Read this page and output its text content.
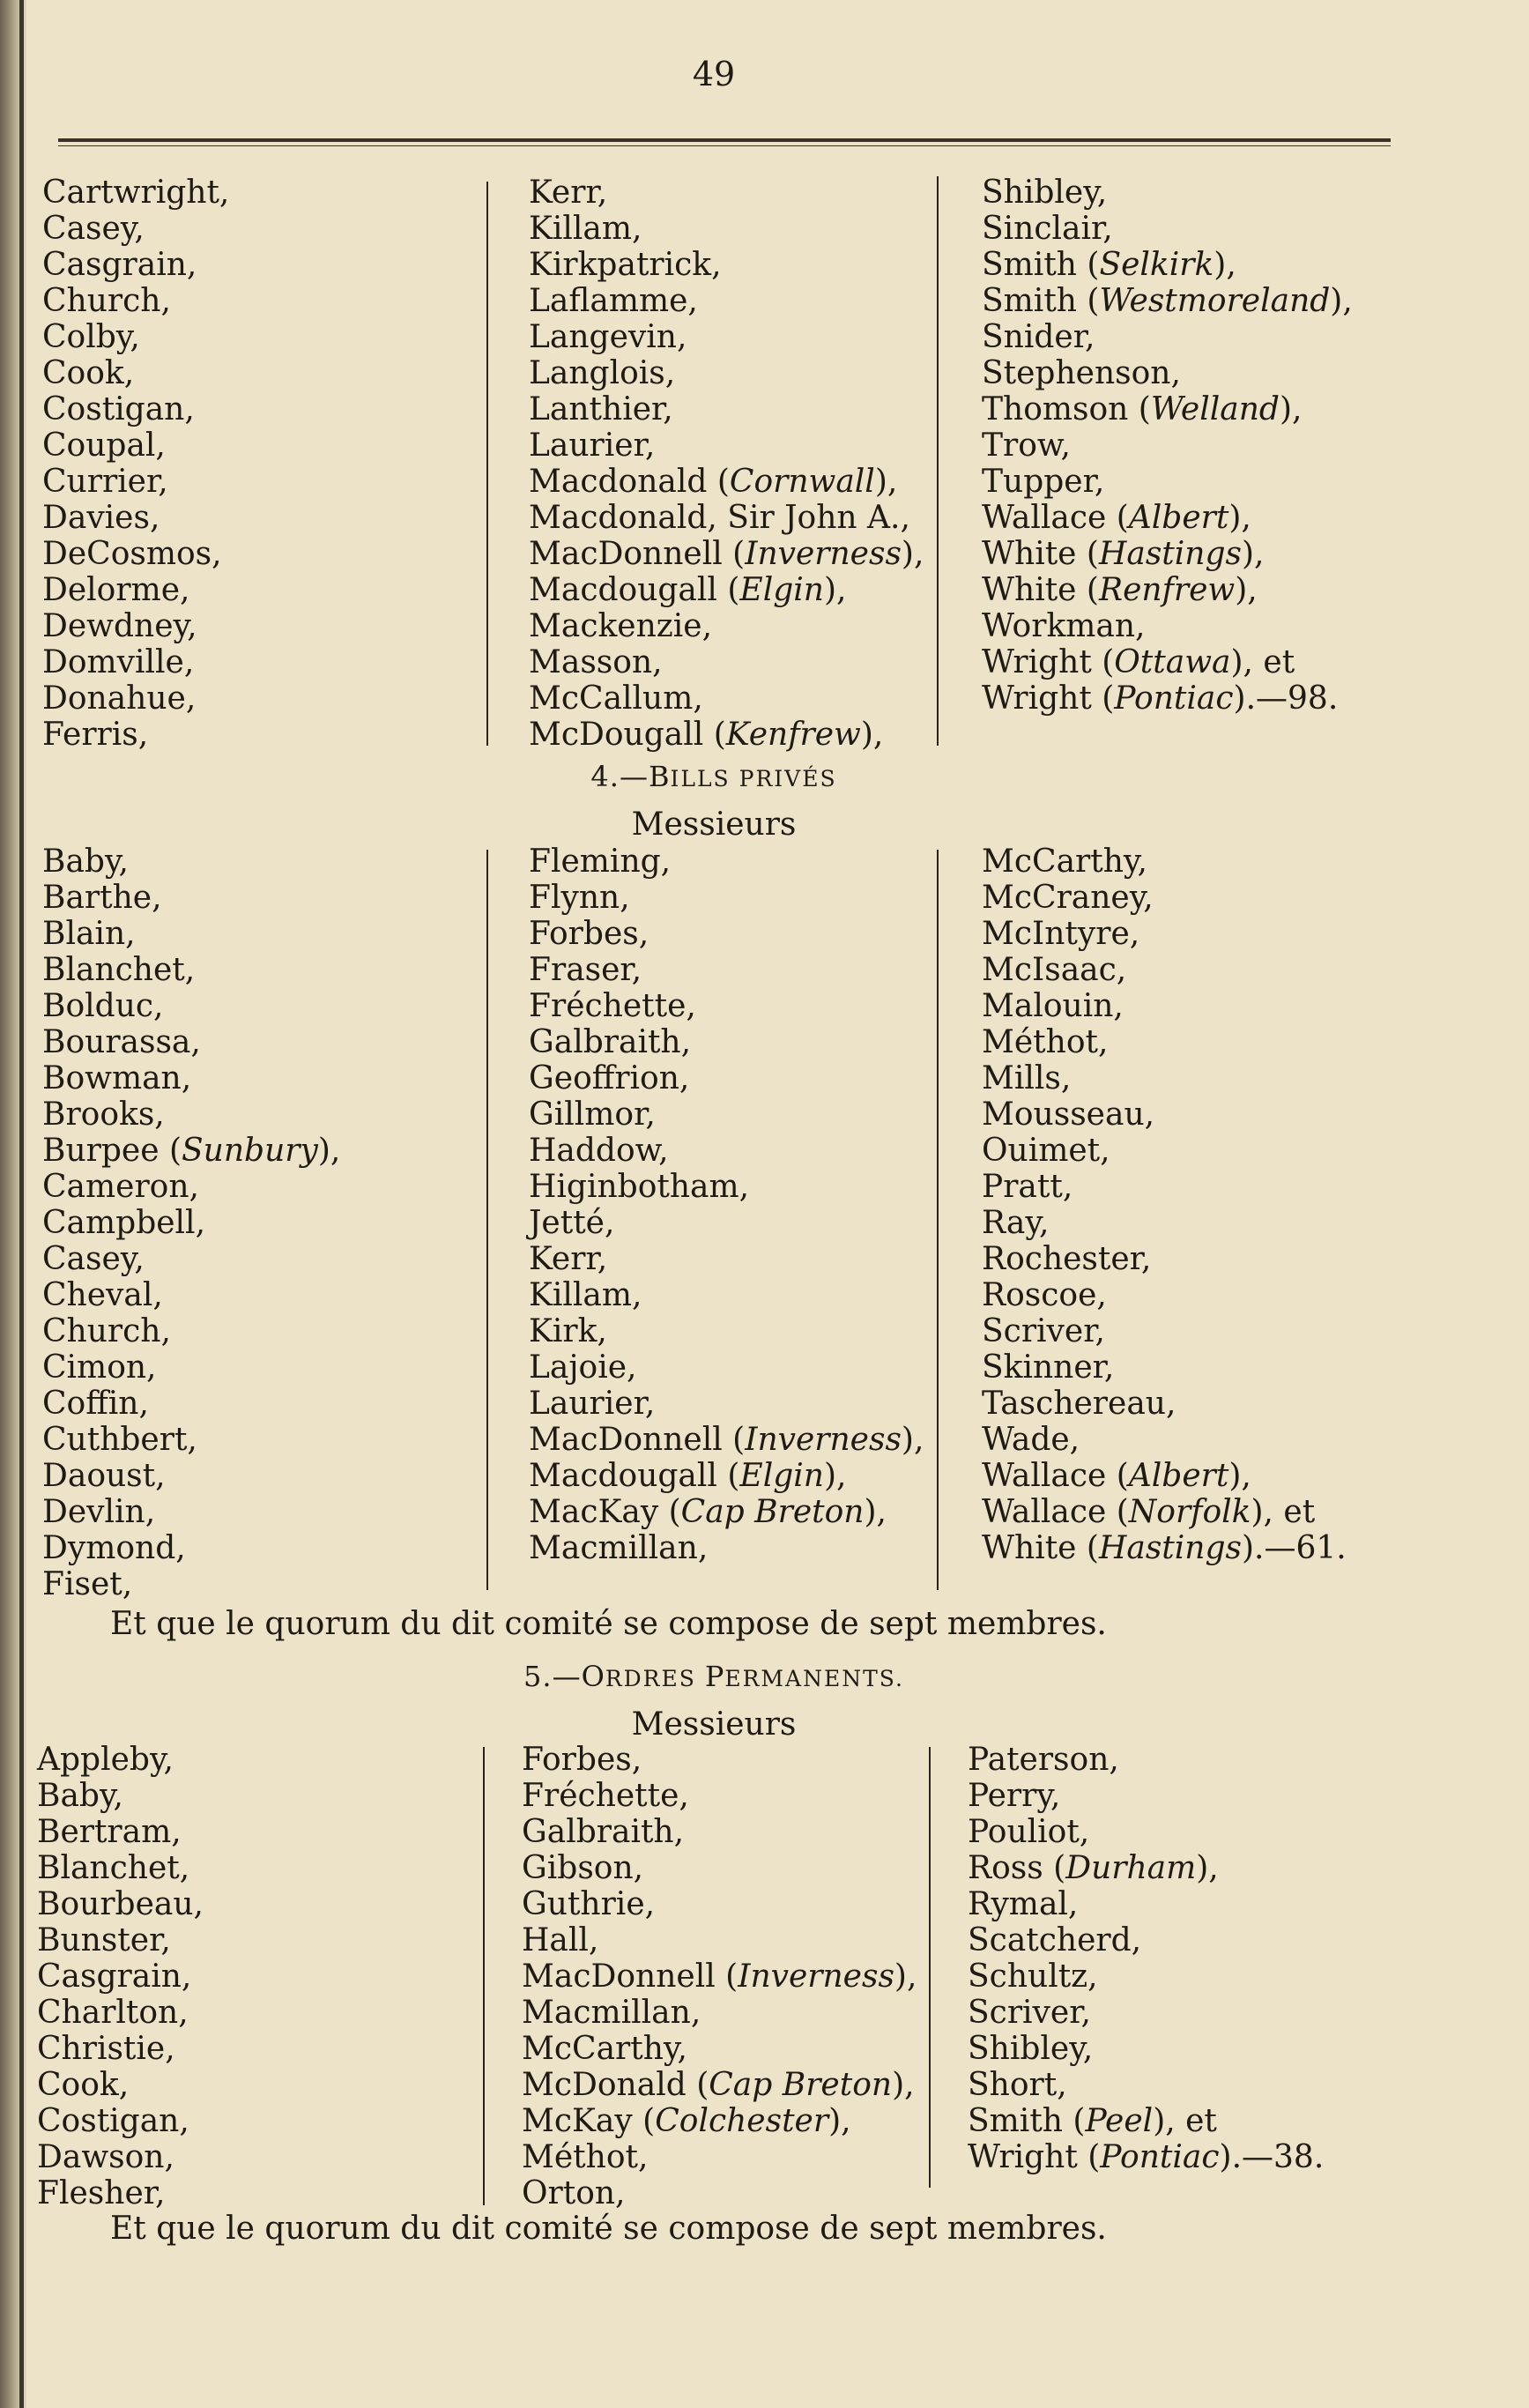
49
Cartwright,
Casey,
Casgrain,
Church,
Colby,
Cook,
Costigan,
Coupal,
Currier,
Davies,
DeCosmos,
Delorme,
Dewdney,
Domville,
Donahue,
Ferris,
Kerr,
Killam,
Kirkpatrick,
Laflamme,
Langevin,
Langlois,
Lanthier,
Laurier,
Macdonald (Cornwall),
Macdonald, Sir John A.,
MacDonnell (Inverness),
Macdougall (Elgin),
Mackenzie,
Masson,
McCallum,
McDougall (Kenfrew),
Shibley,
Sinclair,
Smith (Selkirk),
Smith (Westmoreland),
Snider,
Stephenson,
Thomson (Welland),
Trow,
Tupper,
Wallace (Albert),
White (Hastings),
White (Renfrew),
Workman,
Wright (Ottawa), et
Wright (Pontiac).—98.
4.—BILLS PRIVÉS
Messieurs
Baby,
Barthe,
Blain,
Blanchet,
Bolduc,
Bourassa,
Bowman,
Brooks,
Burpee (Sunbury),
Cameron,
Campbell,
Casey,
Cheval,
Church,
Cimon,
Coffin,
Cuthbert,
Daoust,
Devlin,
Dymond,
Fiset,
Fleming,
Flynn,
Forbes,
Fraser,
Fréchette,
Galbraith,
Geoffrion,
Gillmor,
Haddow,
Higinbotham,
Jetté,
Kerr,
Killam,
Kirk,
Lajoie,
Laurier,
MacDonnell (Inverness),
Macdougall (Elgin),
MacKay (Cap Breton),
Macmillan,
McCarthy,
McCraney,
McIntyre,
McIsaac,
Malouin,
Méthot,
Mills,
Mousseau,
Ouimet,
Pratt,
Ray,
Rochester,
Roscoe,
Scriver,
Skinner,
Taschereau,
Wade,
Wallace (Albert),
Wallace (Norfolk), et
White (Hastings).—61.
Et que le quorum du dit comité se compose de sept membres.
5.—ORDRES PERMANENTS.
Messieurs
Appleby,
Baby,
Bertram,
Blanchet,
Bourbeau,
Bunster,
Casgrain,
Charlton,
Christie,
Cook,
Costigan,
Dawson,
Flesher,
Forbes,
Fréchette,
Galbraith,
Gibson,
Guthrie,
Hall,
MacDonnell (Inverness),
Macmillan,
McCarthy,
McDonald (Cap Breton),
McKay (Colchester),
Méthot,
Orton,
Paterson,
Perry,
Pouliot,
Ross (Durham),
Rymal,
Scatcherd,
Schultz,
Scriver,
Shibley,
Short,
Smith (Peel), et
Wright (Pontiac).—38.
Et que le quorum du dit comité se compose de sept membres.
